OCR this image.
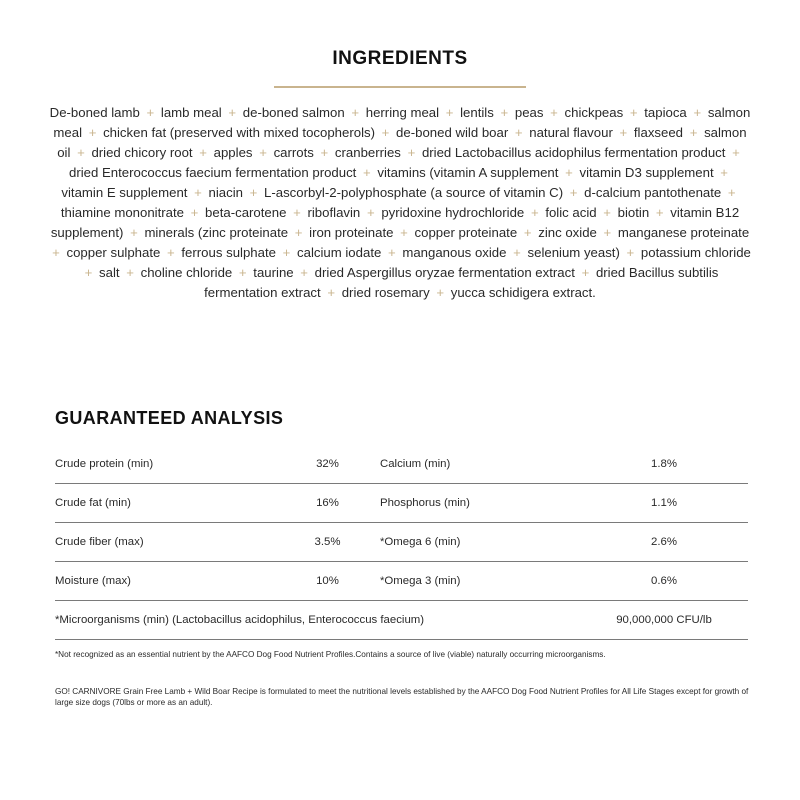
INGREDIENTS
De-boned lamb + lamb meal + de-boned salmon + herring meal + lentils + peas + chickpeas + tapioca + salmon meal + chicken fat (preserved with mixed tocopherols) + de-boned wild boar + natural flavour + flaxseed + salmon oil + dried chicory root + apples + carrots + cranberries + dried Lactobacillus acidophilus fermentation product + dried Enterococcus faecium fermentation product + vitamins (vitamin A supplement + vitamin D3 supplement + vitamin E supplement + niacin + L-ascorbyl-2-polyphosphate (a source of vitamin C) + d-calcium pantothenate + thiamine mononitrate + beta-carotene + riboflavin + pyridoxine hydrochloride + folic acid + biotin + vitamin B12 supplement) + minerals (zinc proteinate + iron proteinate + copper proteinate + zinc oxide + manganese proteinate + copper sulphate + ferrous sulphate + calcium iodate + manganous oxide + selenium yeast) + potassium chloride + salt + choline chloride + taurine + dried Aspergillus oryzae fermentation extract + dried Bacillus subtilis fermentation extract + dried rosemary + yucca schidigera extract.
GUARANTEED ANALYSIS
Crude protein (min)	32%	Calcium (min)	1.8%
Crude fat (min)	16%	Phosphorus (min)	1.1%
Crude fiber (max)	3.5%	*Omega 6 (min)	2.6%
Moisture (max)	10%	*Omega 3 (min)	0.6%
*Microorganisms (min) (Lactobacillus acidophilus, Enterococcus faecium)	90,000,000 CFU/lb
*Not recognized as an essential nutrient by the AAFCO Dog Food Nutrient Profiles.Contains a source of live (viable) naturally occurring microorganisms.
GO! CARNIVORE Grain Free Lamb + Wild Boar Recipe is formulated to meet the nutritional levels established by the AAFCO Dog Food Nutrient Profiles for All Life Stages except for growth of large size dogs (70lbs or more as an adult).
